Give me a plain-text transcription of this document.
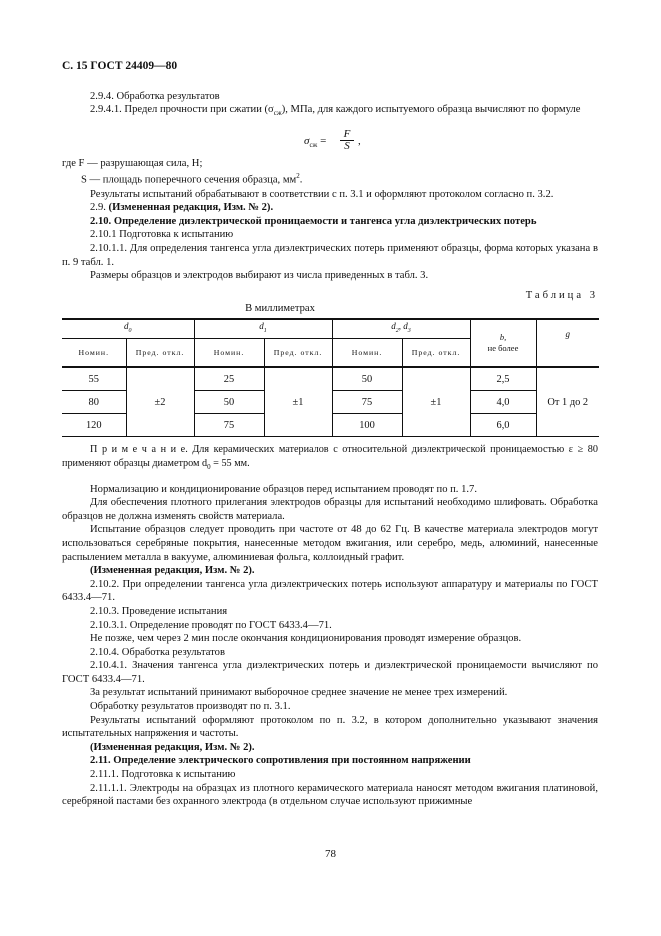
С. 15 ГОСТ 24409—80

2.9.4. Обработка результатов

2.9.4.1. Предел прочности при сжатии $(\sigma_{сж})$, МПа, для каждого испытуемого образца вычисляют по формуле

$\sigma_{сж} = \frac{F}{S}$ ,

где F — разрушающая сила, Н;

S — площадь поперечного сечения образца, $мм^2$.

Результаты испытаний обрабатывают в соответствии с п. 3.1 и оформляют протоколом согласно п. 3.2.

2.9. (Измененная редакция, Изм. № 2).

2.10. Определение диэлектрической проницаемости и тангенса угла диэлектрических потерь

2.10.1 Подготовка к испытанию

2.10.1.1. Для определения тангенса угла диэлектрических потерь применяют образцы, форма которых указана в п. 9 табл. 1.

Размеры образцов и электродов выбирают из числа приведенных в табл. 3.

Таблица 3
В миллиметрах
$d_0$		$d_1$		$d_2$, $d_3$		b,
не более	g
Номин.	Пред. откл.	Номин.	Пред. откл.	Номин.	Пред. откл.		
55	±2	25	±1	50	±1	2,5	От 1 до 2
80		50		75		4,0	
120		75		100		6,0	

П р и м е ч а н и е. Для керамических материалов с относительной диэлектрической проницаемостью ε ≥ 80 применяют образцы диаметром $d_0 = 55$ мм.

Нормализацию и кондиционирование образцов перед испытанием проводят по п. 1.7.

Для обеспечения плотного прилегания электродов образцы для испытаний необходимо шлифовать. Обработка образцов не должна изменять свойств материала.

Испытание образцов следует проводить при частоте от 48 до 62 Гц. В качестве материала электродов могут использоваться серебряные покрытия, нанесенные методом вжигания, или серебро, медь, алюминий, нанесенные распылением металла в вакууме, алюминиевая фольга, коллоидный графит.

(Измененная редакция, Изм. № 2).

2.10.2. При определении тангенса угла диэлектрических потерь используют аппаратуру и материалы по ГОСТ 6433.4—71.

2.10.3. Проведение испытания

2.10.3.1. Определение проводят по ГОСТ 6433.4—71.

Не позже, чем через 2 мин после окончания кондиционирования проводят измерение образцов.

2.10.4. Обработка результатов

2.10.4.1. Значения тангенса угла диэлектрических потерь и диэлектрической проницаемости вычисляют по ГОСТ 6433.4—71.

За результат испытаний принимают выборочное среднее значение не менее трех измерений.

Обработку результатов производят по п. 3.1.

Результаты испытаний оформляют протоколом по п. 3.2, в котором дополнительно указывают значения испытательных напряжения и частоты.

(Измененная редакция, Изм. № 2).

2.11. Определение электрического сопротивления при постоянном напряжении

2.11.1. Подготовка к испытанию

2.11.1.1. Электроды на образцах из плотного керамического материала наносят методом вжигания платиновой, серебряной пастами без охранного электрода (в отдельном случае используют прижимные

78
